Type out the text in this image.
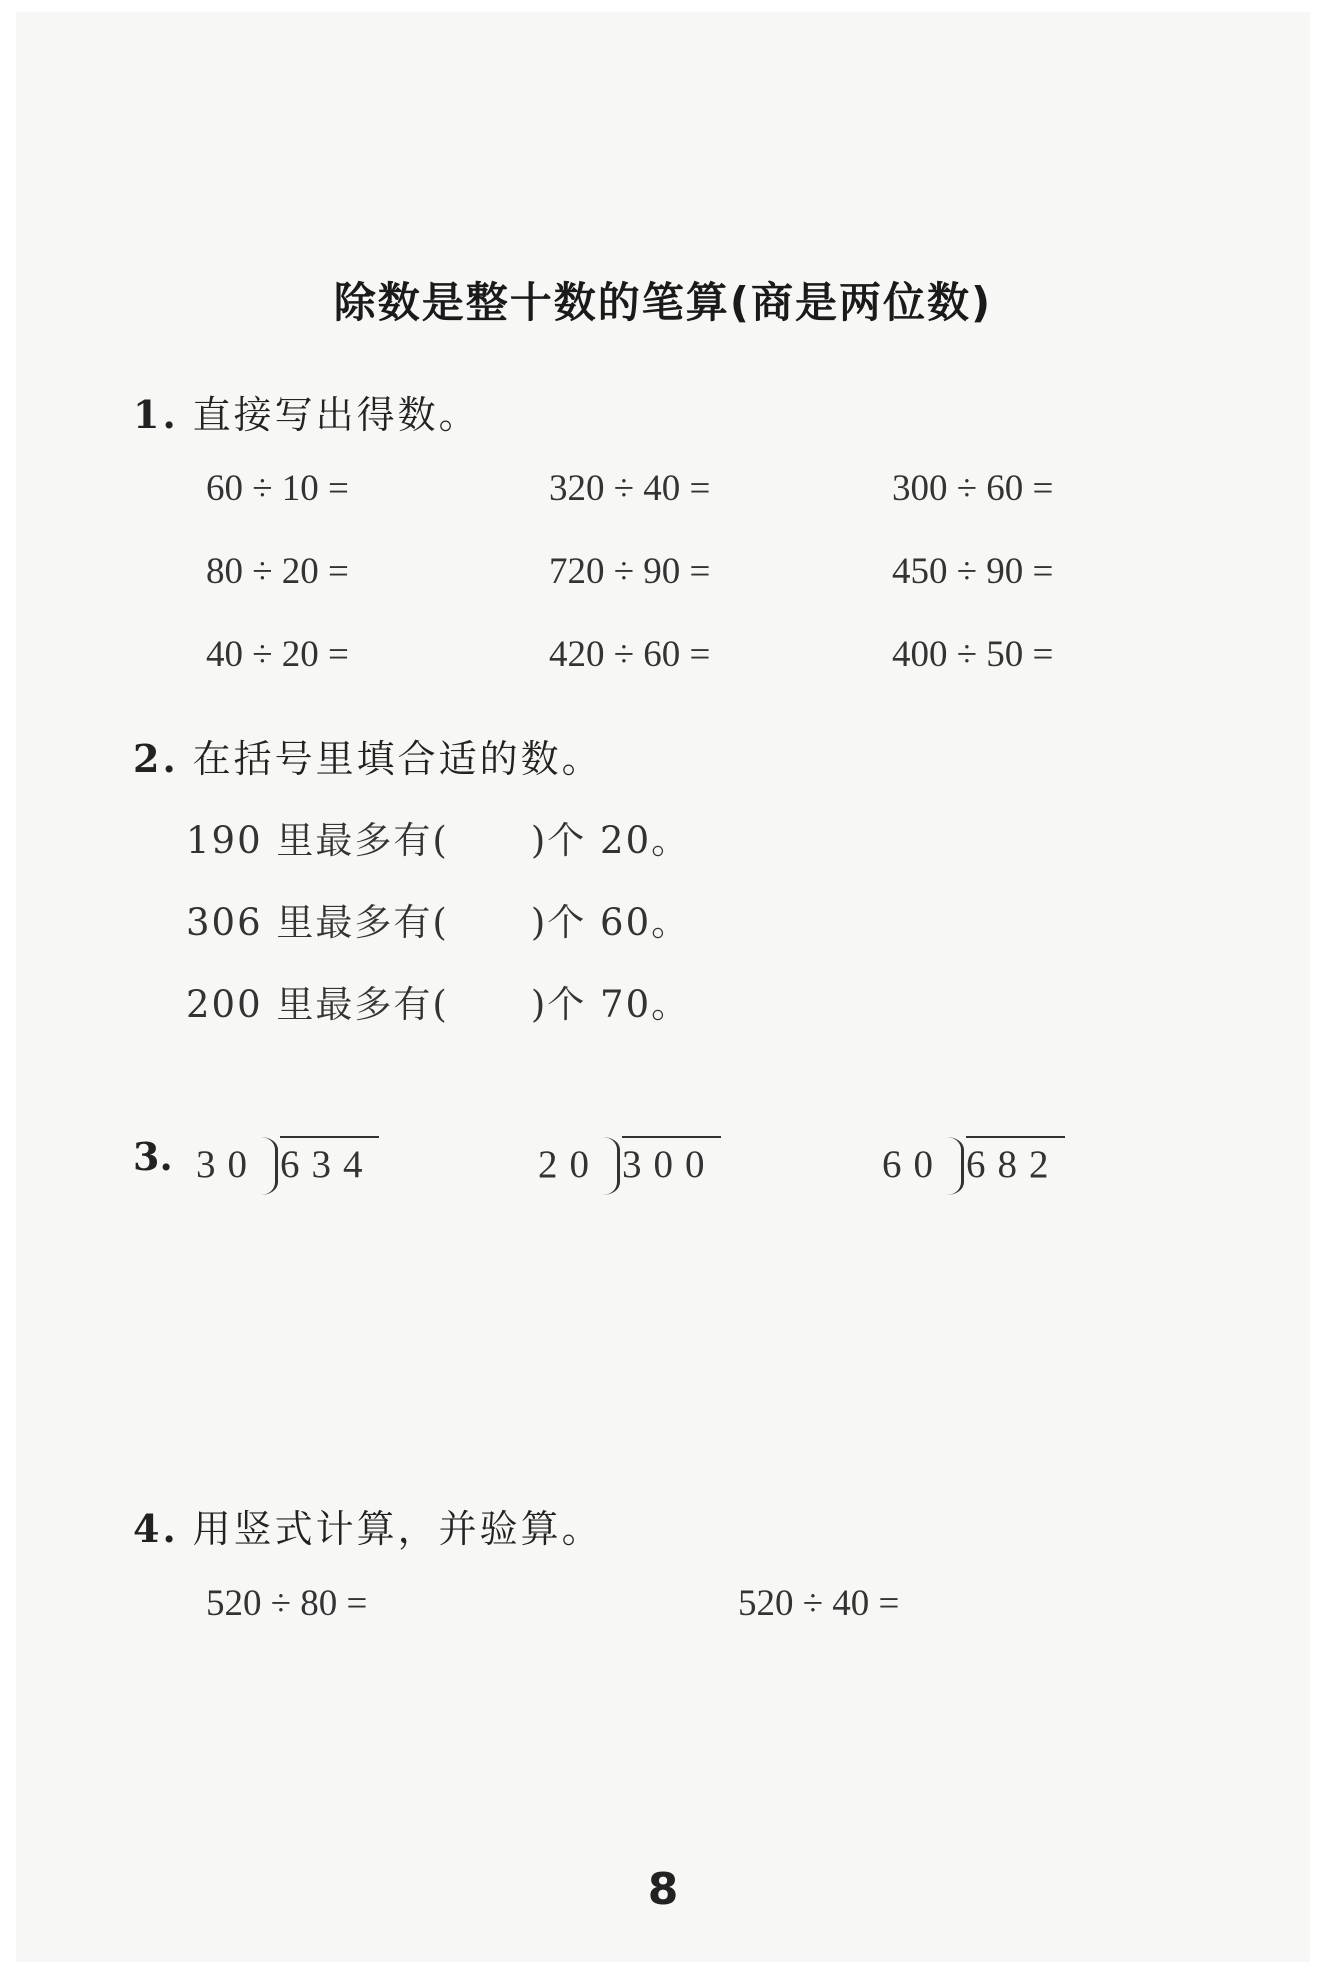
除数是整十数的笔算(商是两位数)
1. 直接写出得数。
60 ÷ 10 =	320 ÷ 40 =	300 ÷ 60 =
80 ÷ 20 =	720 ÷ 90 =	450 ÷ 90 =
40 ÷ 20 =	420 ÷ 60 =	400 ÷ 50 =
2. 在括号里填合适的数。
190 里最多有( )个 20。
306 里最多有( )个 60。
200 里最多有( )个 70。
3. 30 634	20 300	60 682
4. 用竖式计算，并验算。
520 ÷ 80 =	520 ÷ 40 =
8
